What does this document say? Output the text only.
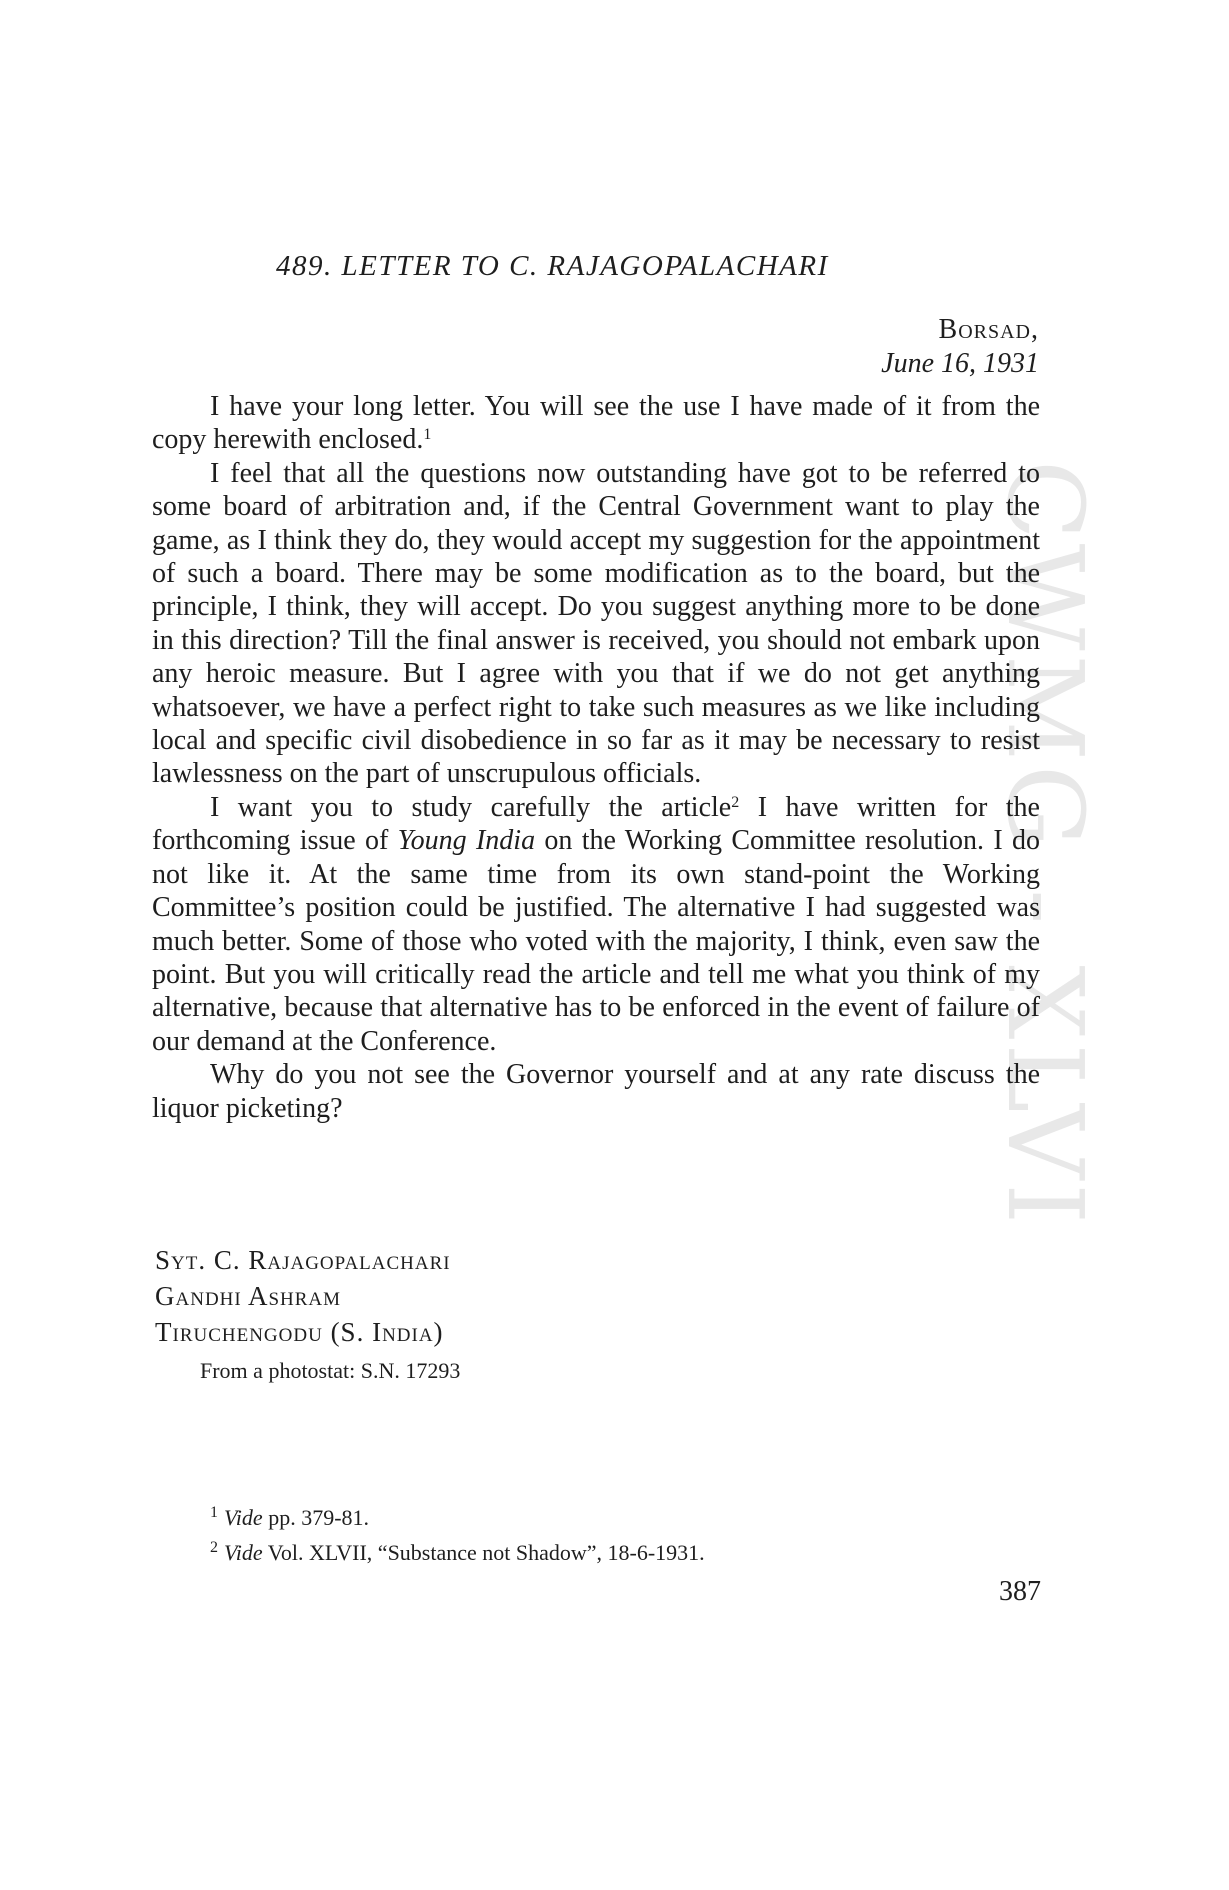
CWMG - XLVI
489. LETTER TO C. RAJAGOPALACHARI
Borsad,
June 16, 1931

I have your long letter. You will see the use I have made of it from the copy herewith enclosed.$^1$

I feel that all the questions now outstanding have got to be referred to some board of arbitration and, if the Central Government want to play the game, as I think they do, they would accept my suggestion for the appointment of such a board. There may be some modification as to the board, but the principle, I think, they will accept. Do you suggest anything more to be done in this direction? Till the final answer is received, you should not embark upon any heroic measure. But I agree with you that if we do not get anything whatsoever, we have a perfect right to take such measures as we like including local and specific civil disobedience in so far as it may be necessary to resist lawlessness on the part of unscrupulous officials.

I want you to study carefully the article$^2$ I have written for the forthcoming issue of Young India on the Working Committee resolution. I do not like it. At the same time from its own stand-point the Working Committee’s position could be justified. The alternative I had suggested was much better. Some of those who voted with the majority, I think, even saw the point. But you will critically read the article and tell me what you think of my alternative, because that alternative has to be enforced in the event of failure of our demand at the Conference.

Why do you not see the Governor yourself and at any rate discuss the liquor picketing?

Syt. C. Rajagopalachari
Gandhi Ashram
Tiruchengodu (S. India)
From a photostat: S.N. 17293
$^1$ Vide pp. 379-81.
$^2$ Vide Vol. XLVII, “Substance not Shadow”, 18-6-1931.
387
